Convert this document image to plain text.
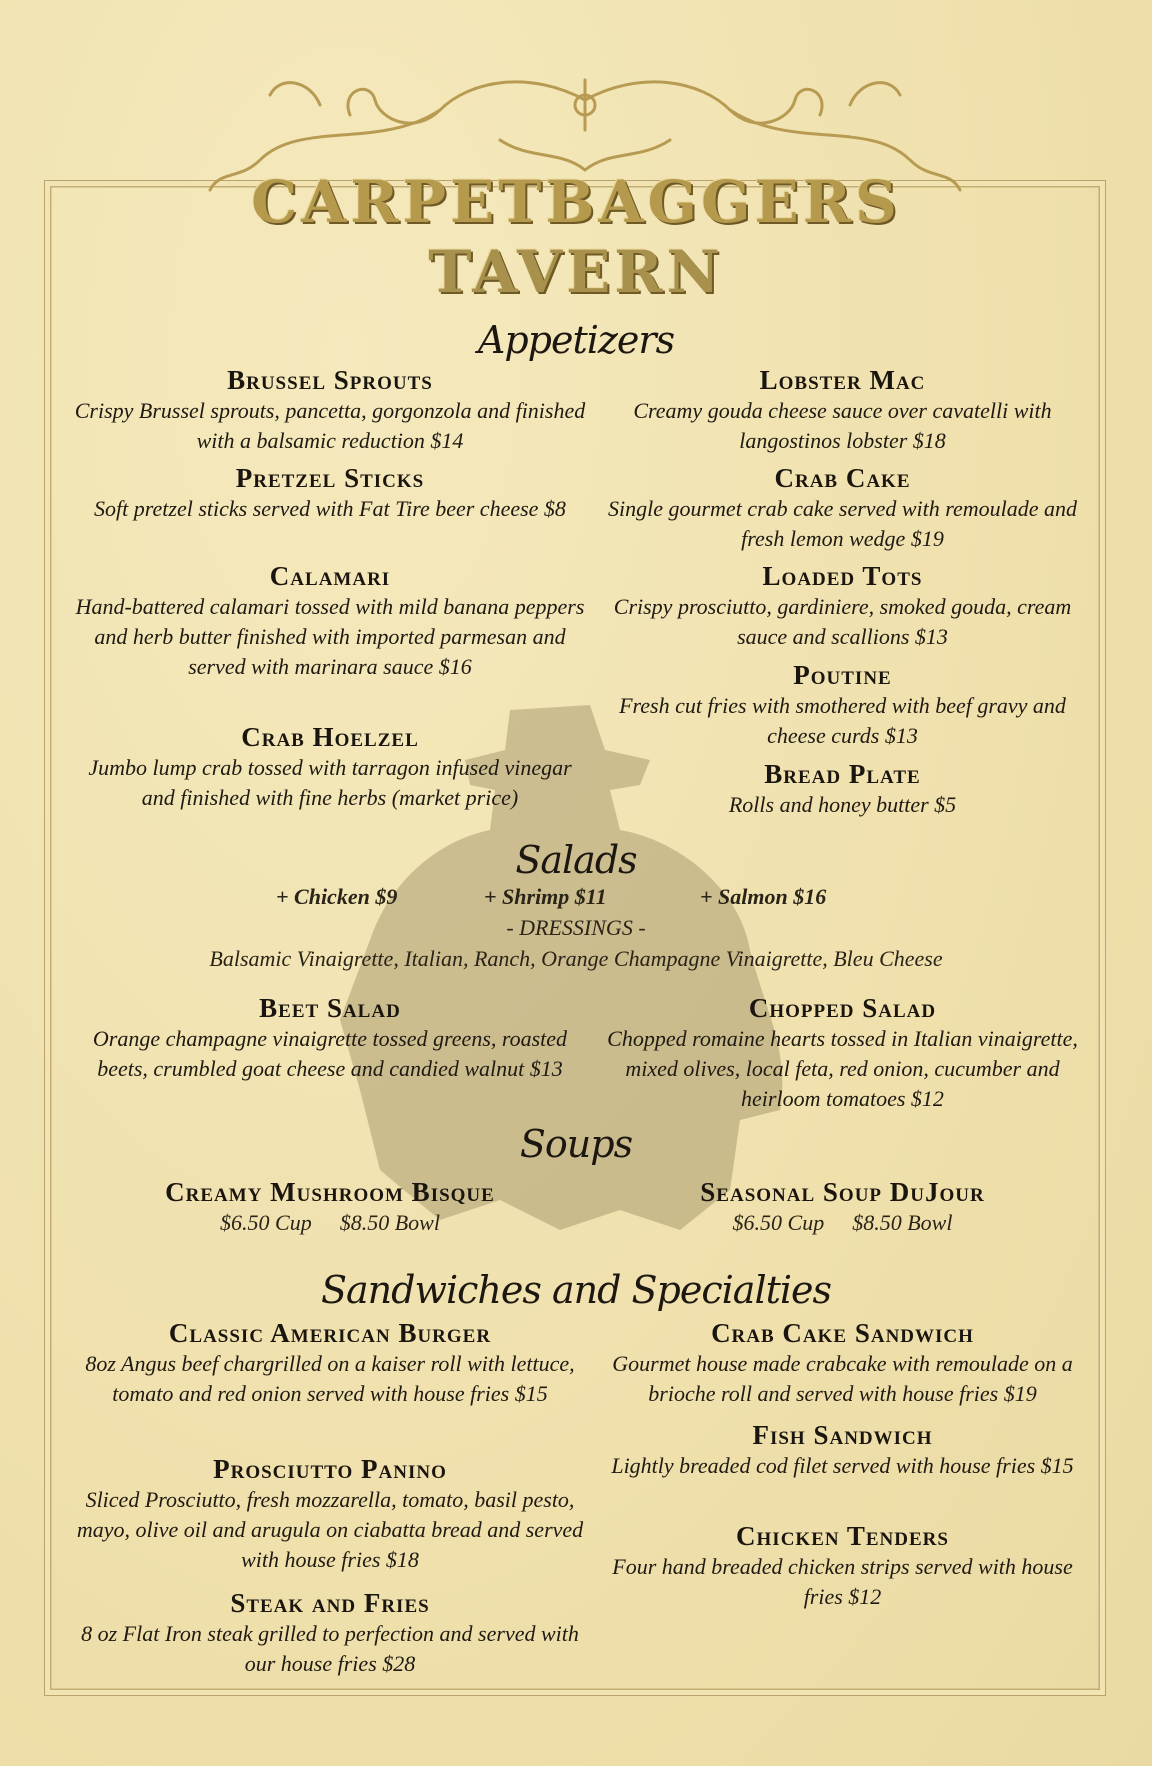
CARPETBAGGERS
TAVERN
Appetizers
Brussel Sprouts
Crispy Brussel sprouts, pancetta, gorgonzola and finished with a balsamic reduction $14
Pretzel Sticks
Soft pretzel sticks served with Fat Tire beer cheese $8
Calamari
Hand-battered calamari tossed with mild banana peppers and herb butter finished with imported parmesan and served with marinara sauce $16
Crab Hoelzel
Jumbo lump crab tossed with tarragon infused vinegar and finished with fine herbs (market price)
Lobster Mac
Creamy gouda cheese sauce over cavatelli with langostinos lobster $18
Crab Cake
Single gourmet crab cake served with remoulade and fresh lemon wedge $19
Loaded Tots
Crispy prosciutto, gardiniere, smoked gouda, cream sauce and scallions $13
Poutine
Fresh cut fries with smothered with beef gravy and cheese curds $13
Bread Plate
Rolls and honey butter $5
Salads
+ Chicken $9	+ Shrimp $11	+ Salmon $16
- DRESSINGS -
Balsamic Vinaigrette, Italian, Ranch, Orange Champagne Vinaigrette, Bleu Cheese
Beet Salad
Orange champagne vinaigrette tossed greens, roasted beets, crumbled goat cheese and candied walnut $13
Chopped Salad
Chopped romaine hearts tossed in Italian vinaigrette, mixed olives, local feta, red onion, cucumber and heirloom tomatoes $12
Soups
Creamy Mushroom Bisque
$6.50 Cup $8.50 Bowl
Seasonal Soup DuJour
$6.50 Cup $8.50 Bowl
Sandwiches and Specialties
Classic American Burger
8oz Angus beef chargrilled on a kaiser roll with lettuce, tomato and red onion served with house fries $15
Prosciutto Panino
Sliced Prosciutto, fresh mozzarella, tomato, basil pesto, mayo, olive oil and arugula on ciabatta bread and served with house fries $18
Steak and Fries
8 oz Flat Iron steak grilled to perfection and served with our house fries $28
Crab Cake Sandwich
Gourmet house made crabcake with remoulade on a brioche roll and served with house fries $19
Fish Sandwich
Lightly breaded cod filet served with house fries $15
Chicken Tenders
Four hand breaded chicken strips served with house fries $12
